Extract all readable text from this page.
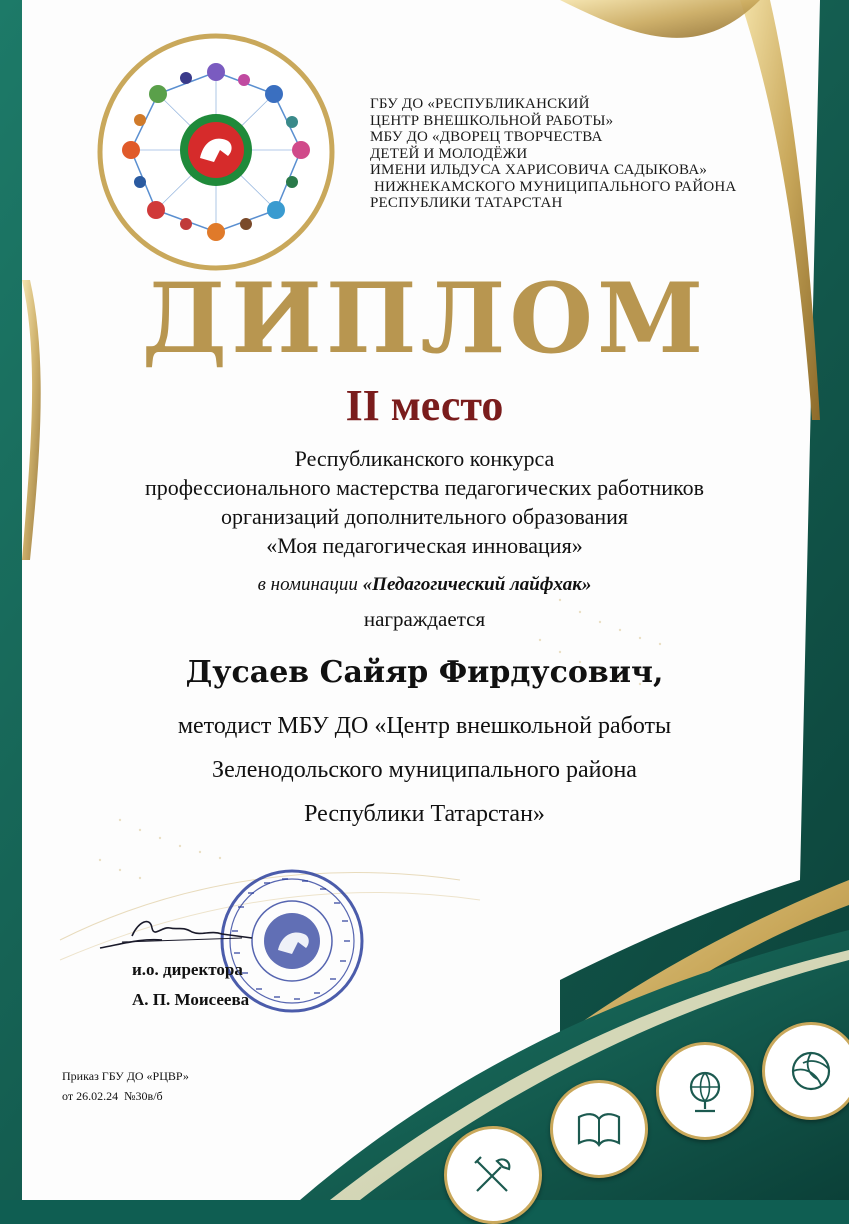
ГБУ ДО «РЕСПУБЛИКАНСКИЙ
ЦЕНТР ВНЕШКОЛЬНОЙ РАБОТЫ»
МБУ ДО «ДВОРЕЦ ТВОРЧЕСТВА
ДЕТЕЙ И МОЛОДЁЖИ
ИМЕНИ ИЛЬДУСА ХАРИСОВИЧА САДЫКОВА»
НИЖНЕКАМСКОГО МУНИЦИПАЛЬНОГО РАЙОНА
РЕСПУБЛИКИ ТАТАРСТАН
ДИПЛОМ
II место
Республиканского конкурса
профессионального мастерства педагогических работников
организаций дополнительного образования
«Моя педагогическая инновация»
в номинации «Педагогический лайфхак»
награждается
Дусаев Сайяр Фирдусович,
методист МБУ ДО «Центр внешкольной работы
Зеленодольского муниципального района
Республики Татарстан»
и.о. директора
А. П. Моисеева
Приказ ГБУ ДО «РЦВР»
от 26.02.24  №30в/б
